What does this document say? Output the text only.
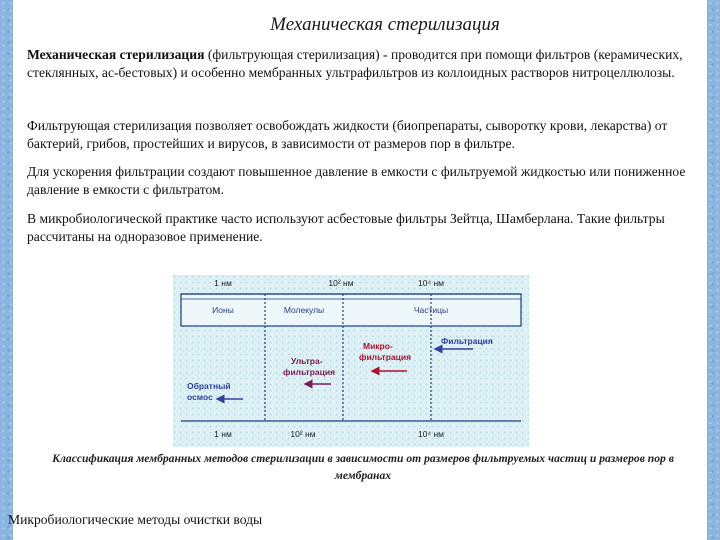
Механическая стерилизация
Механическая стерилизация (фильтрующая стерилизация) - проводится при помощи фильтров (керамических, стеклянных, ас-бестовых) и особенно мембранных ультрафильтров из коллоидных растворов нитроцеллюлозы.
Фильтрующая стерилизация позволяет освобождать жидкости (биопрепараты, сыворотку крови, лекарства) от бактерий, грибов, простейших и вирусов, в зависимости от размеров пор в фильтре.
Для ускорения фильтрации создают повышенное давление в емкости с фильтруемой жидкостью или пониженное давление в емкости с фильтратом.
В микробиологической практике часто используют асбестовые фильтры Зейтца, Шамберлана. Такие фильтры рассчитаны на одноразовое применение.
1 нм	10² нм	10⁴ нм
Ионы	Молекулы	Частицы
Фильтрация
Микро-
фильтрация
Ультра-
фильтрация
Обратный
осмос
1 нм	10² нм	10⁴ нм
Классификация мембранных методов стерилизации в зависимости от размеров фильтруемых частиц и размеров пор в мембранах
Микробиологические методы очистки воды
